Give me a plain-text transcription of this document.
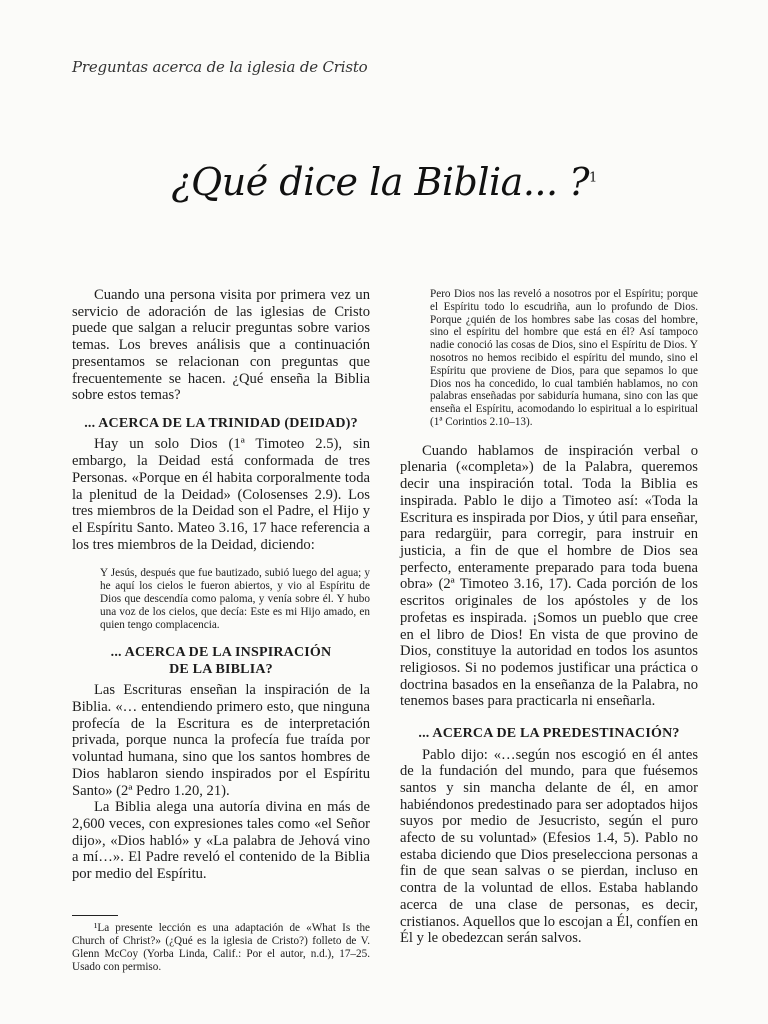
Preguntas acerca de la iglesia de Cristo
¿Qué dice la Biblia... ?$^1$

Cuando una persona visita por primera vez un servicio de adoración de las iglesias de Cristo puede que salgan a relucir preguntas sobre varios temas. Los breves análisis que a continuación presentamos se relacionan con preguntas que frecuentemente se hacen. ¿Qué enseña la Biblia sobre estos temas?

... ACERCA DE LA TRINIDAD (DEIDAD)?

Hay un solo Dios (1ª Timoteo 2.5), sin embargo, la Deidad está conformada de tres Personas. «Porque en él habita corporalmente toda la plenitud de la Deidad» (Colosenses 2.9). Los tres miembros de la Deidad son el Padre, el Hijo y el Espíritu Santo. Mateo 3.16, 17 hace referencia a los tres miembros de la Deidad, diciendo:

Y Jesús, después que fue bautizado, subió luego del agua; y he aquí los cielos le fueron abiertos, y vio al Espíritu de Dios que descendía como paloma, y venía sobre él. Y hubo una voz de los cielos, que decía: Este es mi Hijo amado, en quien tengo complacencia.
... ACERCA DE LA INSPIRACIÓN
DE LA BIBLIA?

Las Escrituras enseñan la inspiración de la Biblia. «… entendiendo primero esto, que ninguna profecía de la Escritura es de interpretación privada, porque nunca la profecía fue traída por voluntad humana, sino que los santos hombres de Dios hablaron siendo inspirados por el Espíritu Santo» (2ª Pedro 1.20, 21).

La Biblia alega una autoría divina en más de 2,600 veces, con expresiones tales como «el Señor dijo», «Dios habló» y «La palabra de Jehová vino a mí…». El Padre reveló el contenido de la Biblia por medio del Espíritu.

¹La presente lección es una adaptación de «What Is the Church of Christ?» (¿Qué es la iglesia de Cristo?) folleto de V. Glenn McCoy (Yorba Linda, Calif.: Por el autor, n.d.), 17–25. Usado con permiso.
Pero Dios nos las reveló a nosotros por el Espíritu; porque el Espíritu todo lo escudriña, aun lo profundo de Dios. Porque ¿quién de los hombres sabe las cosas del hombre, sino el espíritu del hombre que está en él? Así tampoco nadie conoció las cosas de Dios, sino el Espíritu de Dios. Y nosotros no hemos recibido el espíritu del mundo, sino el Espíritu que proviene de Dios, para que sepamos lo que Dios nos ha concedido, lo cual también hablamos, no con palabras enseñadas por sabiduría humana, sino con las que enseña el Espíritu, acomodando lo espiritual a lo espiritual (1ª Corintios 2.10–13).

Cuando hablamos de inspiración verbal o plenaria («completa») de la Palabra, queremos decir una inspiración total. Toda la Biblia es inspirada. Pablo le dijo a Timoteo así: «Toda la Escritura es inspirada por Dios, y útil para enseñar, para redargüir, para corregir, para instruir en justicia, a fin de que el hombre de Dios sea perfecto, enteramente preparado para toda buena obra» (2ª Timoteo 3.16, 17). Cada porción de los escritos originales de los apóstoles y de los profetas es inspirada. ¡Somos un pueblo que cree en el libro de Dios! En vista de que provino de Dios, constituye la autoridad en todos los asuntos religiosos. Si no podemos justificar una práctica o doctrina basados en la enseñanza de la Palabra, no tenemos bases para practicarla ni enseñarla.

... ACERCA DE LA PREDESTINACIÓN?

Pablo dijo: «…según nos escogió en él antes de la fundación del mundo, para que fuésemos santos y sin mancha delante de él, en amor habiéndonos predestinado para ser adoptados hijos suyos por medio de Jesucristo, según el puro afecto de su voluntad» (Efesios 1.4, 5). Pablo no estaba diciendo que Dios preselecciona personas a fin de que sean salvas o se pierdan, incluso en contra de la voluntad de ellos. Estaba hablando acerca de una clase de personas, es decir, cristianos. Aquellos que lo escojan a Él, confíen en Él y le obedezcan serán salvos.
